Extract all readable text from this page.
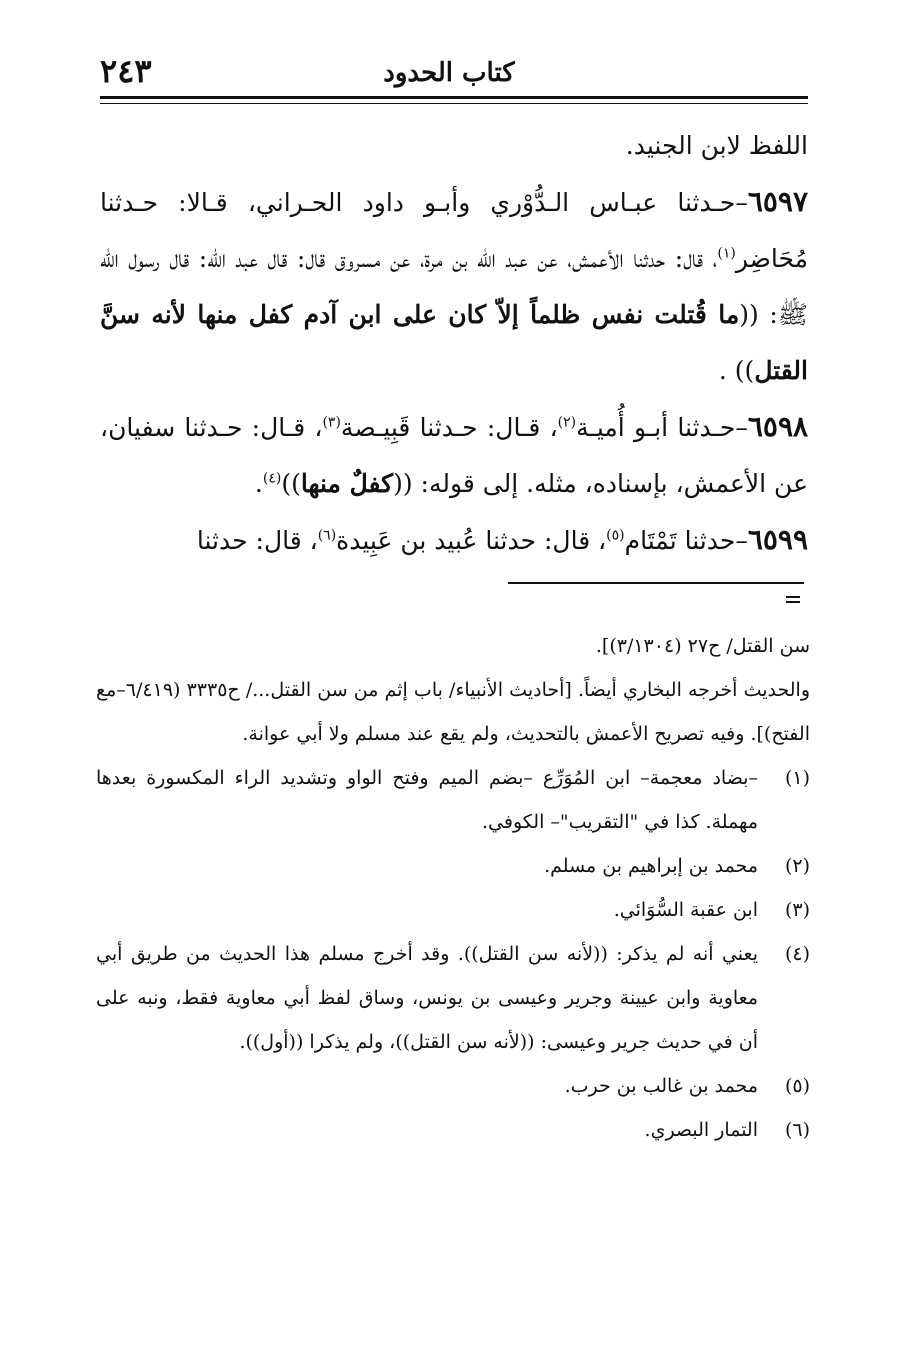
٢٤٣	كتاب الحدود

اللفظ لابن الجنيد.

٦٥٩٧–حـدثنا عبـاس الـدُّوْري وأبـو داود الحـراني، قـالا: حـدثنا مُحَاضِر$^{(١)}$، قال: حدثنا الأعمش، عن عبد الله بن مرة، عن مسروق قال: قال عبد الله: قال رسول الله ﷺ: ((ما قُتلت نفس ظلماً إلاّ كان على ابن آدم كفل منها لأنه سنَّ القتل)) .

٦٥٩٨–حـدثنا أبـو أُميـة$^{(٢)}$، قـال: حـدثنا قَبِيـصة$^{(٣)}$، قـال: حـدثنا سفيان، عن الأعمش، بإسناده، مثله. إلى قوله: ((كفلٌ منها))$^{(٤)}$.

٦٥٩٩–حدثنا تَمْتَام$^{(٥)}$، قال: حدثنا عُبيد بن عَبِيدة$^{(٦)}$، قال: حدثنا

سن القتل/ ح٢٧ (٣/١٣٠٤)].

والحديث أخرجه البخاري أيضاً. [أحاديث الأنبياء/ باب إثم من سن القتل.../ ح٣٣٣٥ (٦/٤١٩–مع الفتح)]. وفيه تصريح الأعمش بالتحديث، ولم يقع عند مسلم ولا أبي عوانة.

(١)
–بضاد معجمة– ابن المُوَرِّع –بضم الميم وفتح الواو وتشديد الراء المكسورة بعدها مهملة. كذا في "التقريب"– الكوفي.

(٢)
محمد بن إبراهيم بن مسلم.

(٣)
ابن عقبة السُّوَائي.

(٤)
يعني أنه لم يذكر: ((لأنه سن القتل)). وقد أخرج مسلم هذا الحديث من طريق أبي معاوية وابن عيينة وجرير وعيسى بن يونس، وساق لفظ أبي معاوية فقط، ونبه على أن في حديث جرير وعيسى: ((لأنه سن القتل))، ولم يذكرا ((أول)).

(٥)
محمد بن غالب بن حرب.

(٦)
التمار البصري.
